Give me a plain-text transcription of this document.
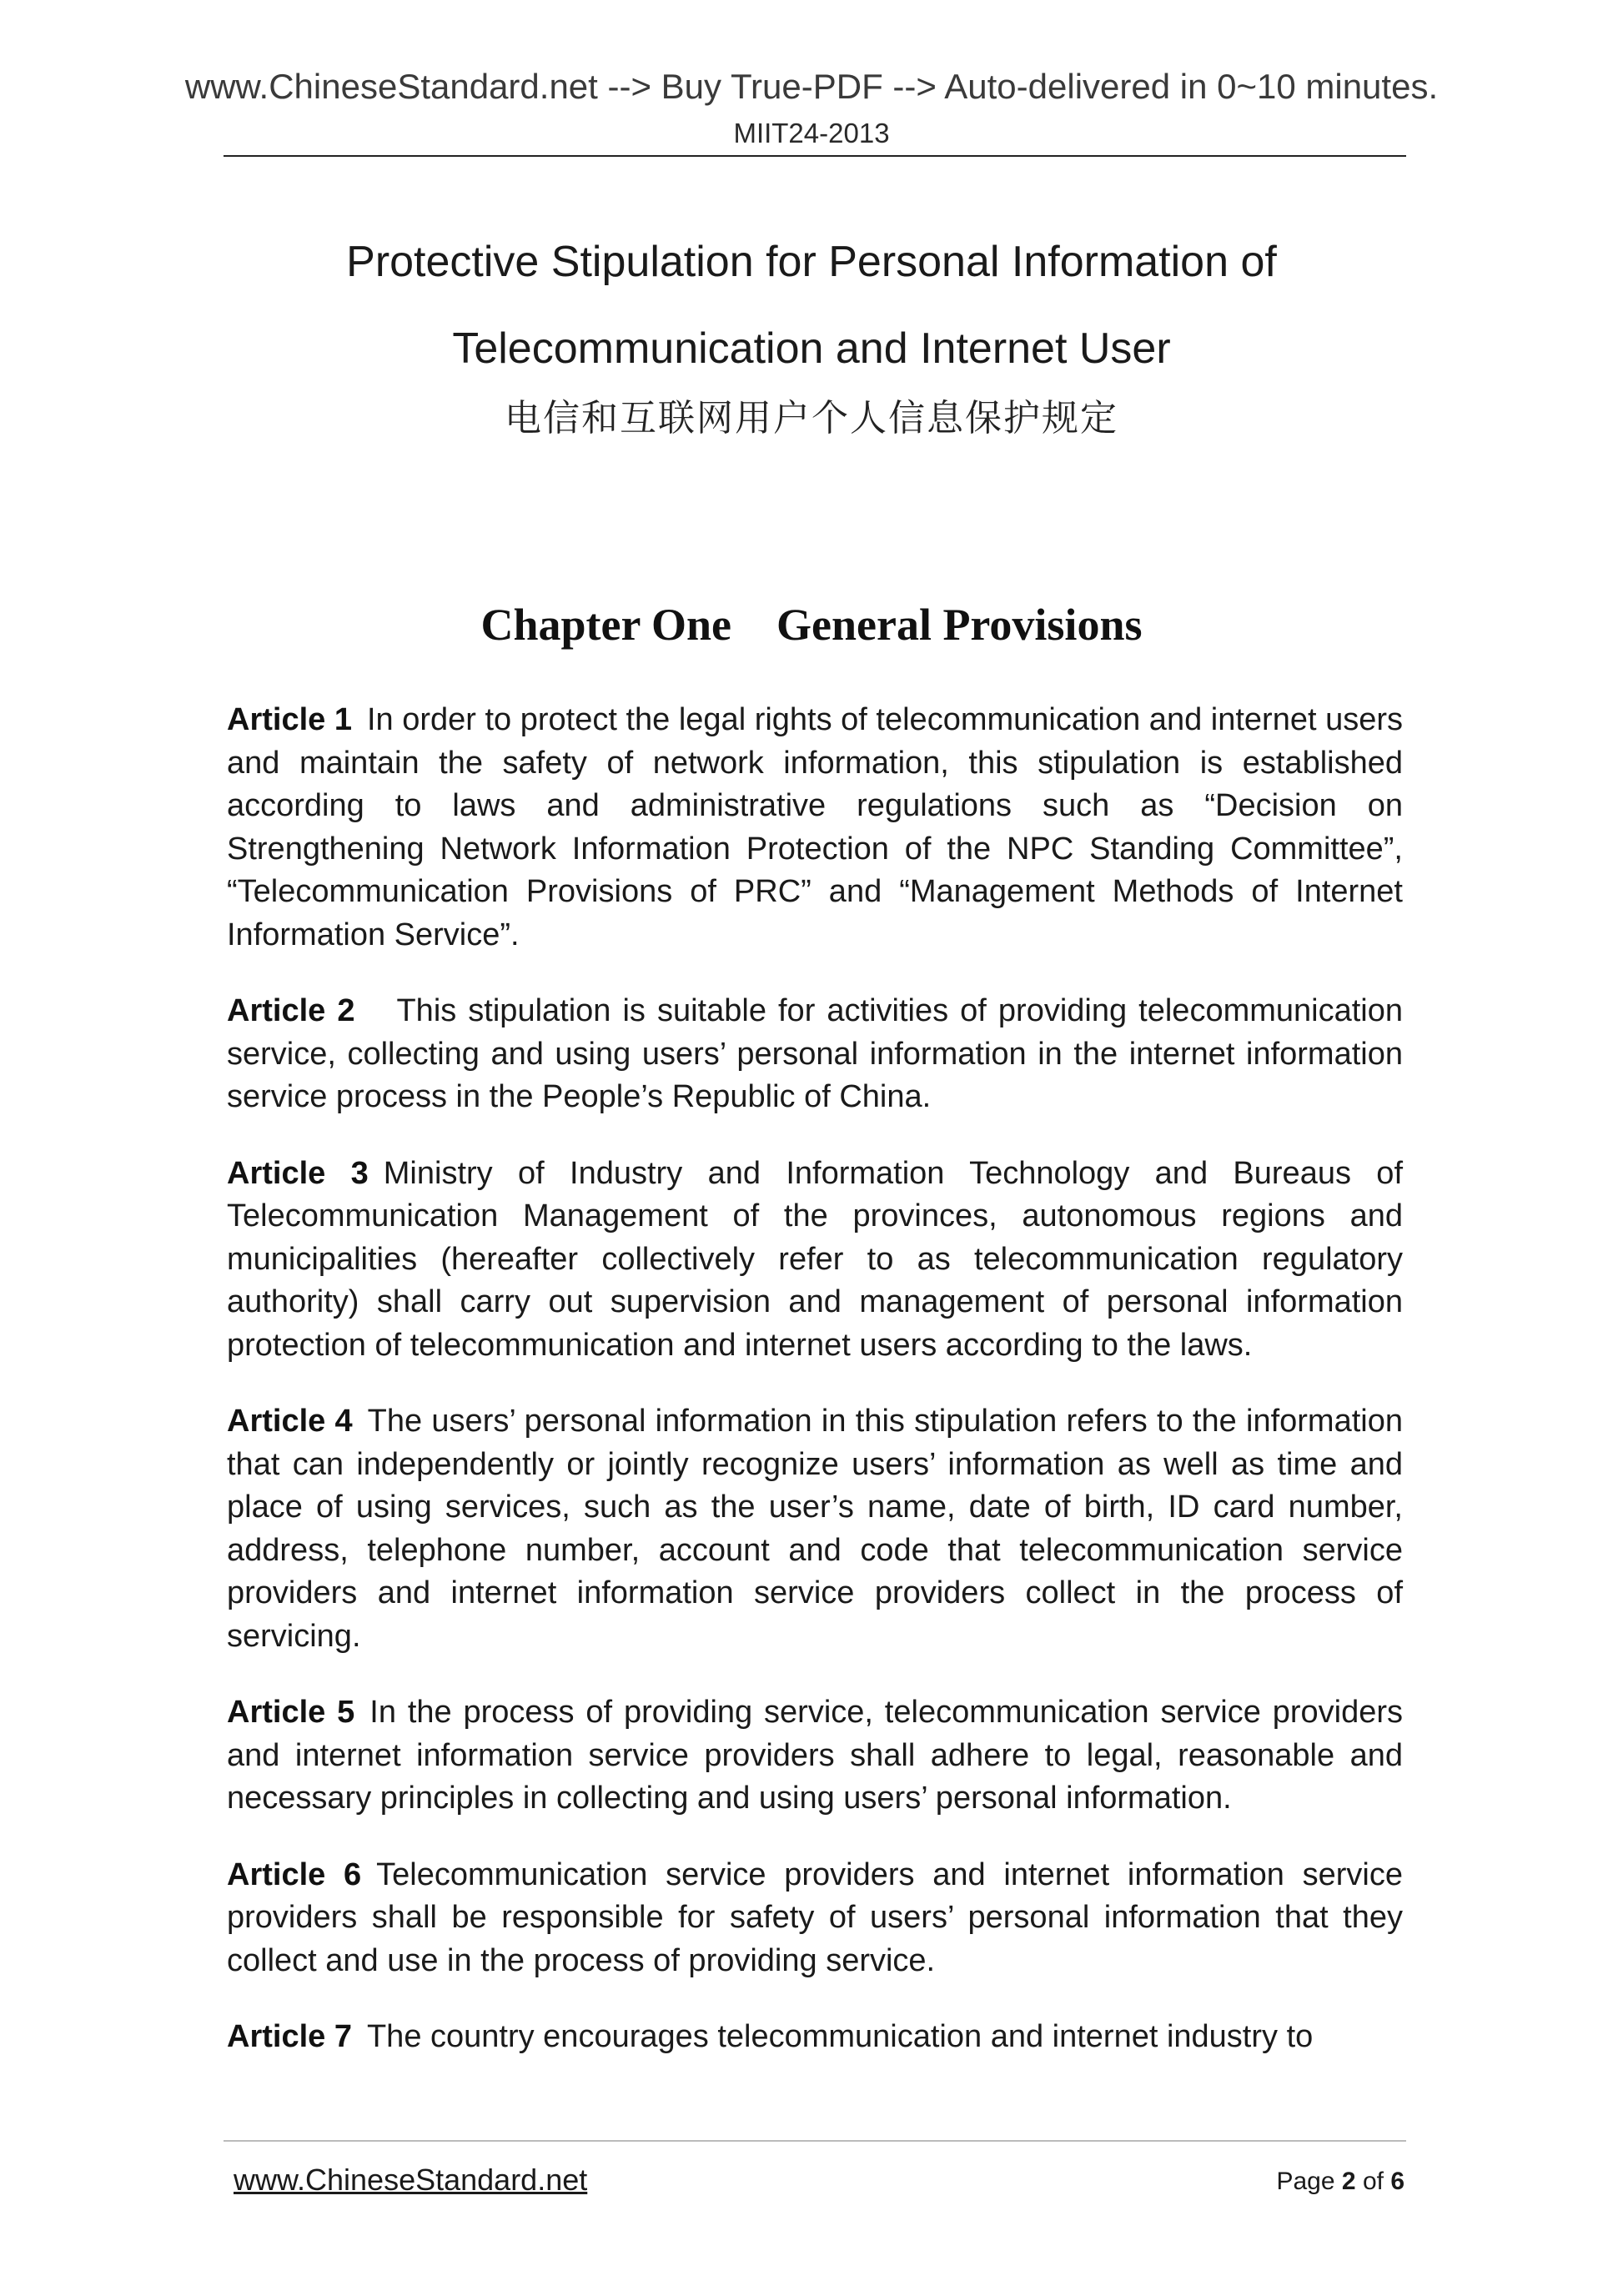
www.ChineseStandard.net --> Buy True-PDF --> Auto-delivered in 0~10 minutes.
MIIT24-2013
Protective Stipulation for Personal Information of
Telecommunication and Internet User
电信和互联网用户个人信息保护规定
Chapter One General Provisions

Article 1 In order to protect the legal rights of telecommunication and internet users and maintain the safety of network information, this stipulation is established according to laws and administrative regulations such as “Decision on Strengthening Network Information Protection of the NPC Standing Committee”, “Telecommunication Provisions of PRC” and “Management Methods of Internet Information Service”.

Article 2 This stipulation is suitable for activities of providing telecommunication service, collecting and using users’ personal information in the internet information service process in the People’s Republic of China.

Article 3 Ministry of Industry and Information Technology and Bureaus of Telecommunication Management of the provinces, autonomous regions and municipalities (hereafter collectively refer to as telecommunication regulatory authority) shall carry out supervision and management of personal information protection of telecommunication and internet users according to the laws.

Article 4 The users’ personal information in this stipulation refers to the information that can independently or jointly recognize users’ information as well as time and place of using services, such as the user’s name, date of birth, ID card number, address, telephone number, account and code that telecommunication service providers and internet information service providers collect in the process of servicing.

Article 5 In the process of providing service, telecommunication service providers and internet information service providers shall adhere to legal, reasonable and necessary principles in collecting and using users’ personal information.

Article 6 Telecommunication service providers and internet information service providers shall be responsible for safety of users’ personal information that they collect and use in the process of providing service.

Article 7 The country encourages telecommunication and internet industry to

www.ChineseStandard.net	Page 2 of 6
